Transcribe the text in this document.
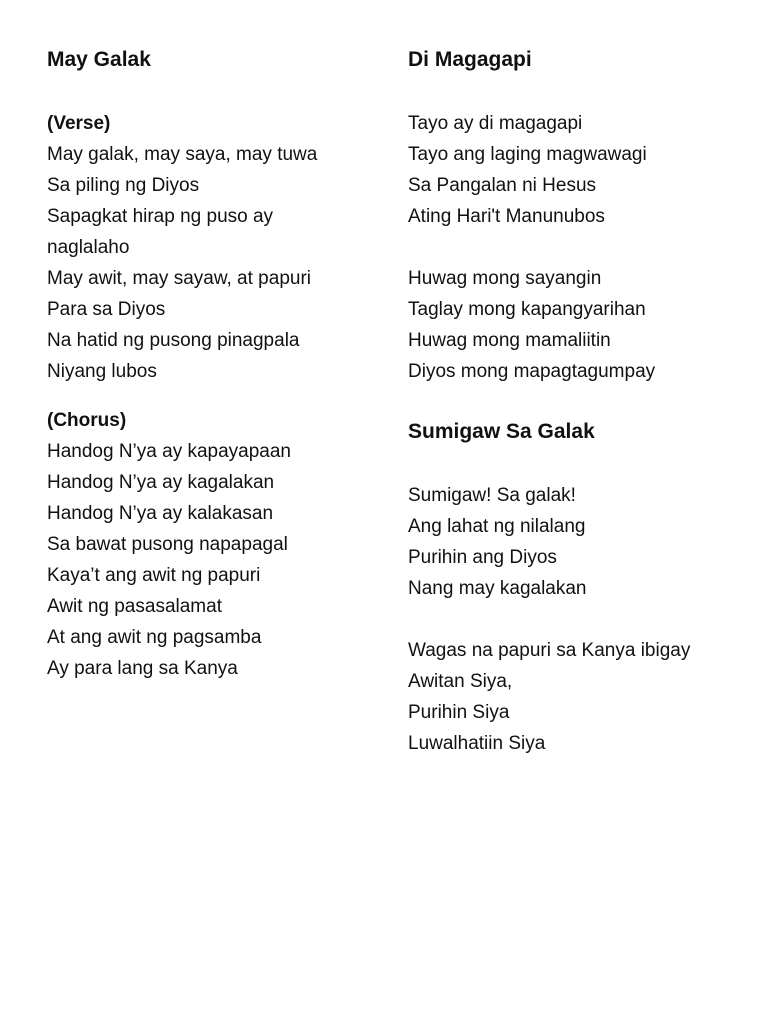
May Galak
(Verse)
May galak, may saya, may tuwa
Sa piling ng Diyos
Sapagkat hirap ng puso ay
naglalaho
May awit, may sayaw, at papuri
Para sa Diyos
Na hatid ng pusong pinagpala
Niyang lubos
(Chorus)
Handog N’ya ay kapayapaan
Handog N’ya ay kagalakan
Handog N’ya ay kalakasan
Sa bawat pusong napapagal
Kaya’t ang awit ng papuri
Awit ng pasasalamat
At ang awit ng pagsamba
Ay para lang sa Kanya
Di Magagapi
Tayo ay di magagapi
Tayo ang laging magwawagi
Sa Pangalan ni Hesus
Ating Hari't Manunubos
Huwag mong sayangin
Taglay mong kapangyarihan
Huwag mong mamaliitin
Diyos mong mapagtagumpay
Sumigaw Sa Galak
Sumigaw! Sa galak!
Ang lahat ng nilalang
Purihin ang Diyos
Nang may kagalakan
Wagas na papuri sa Kanya ibigay
Awitan Siya,
Purihin Siya
Luwalhatiin Siya
